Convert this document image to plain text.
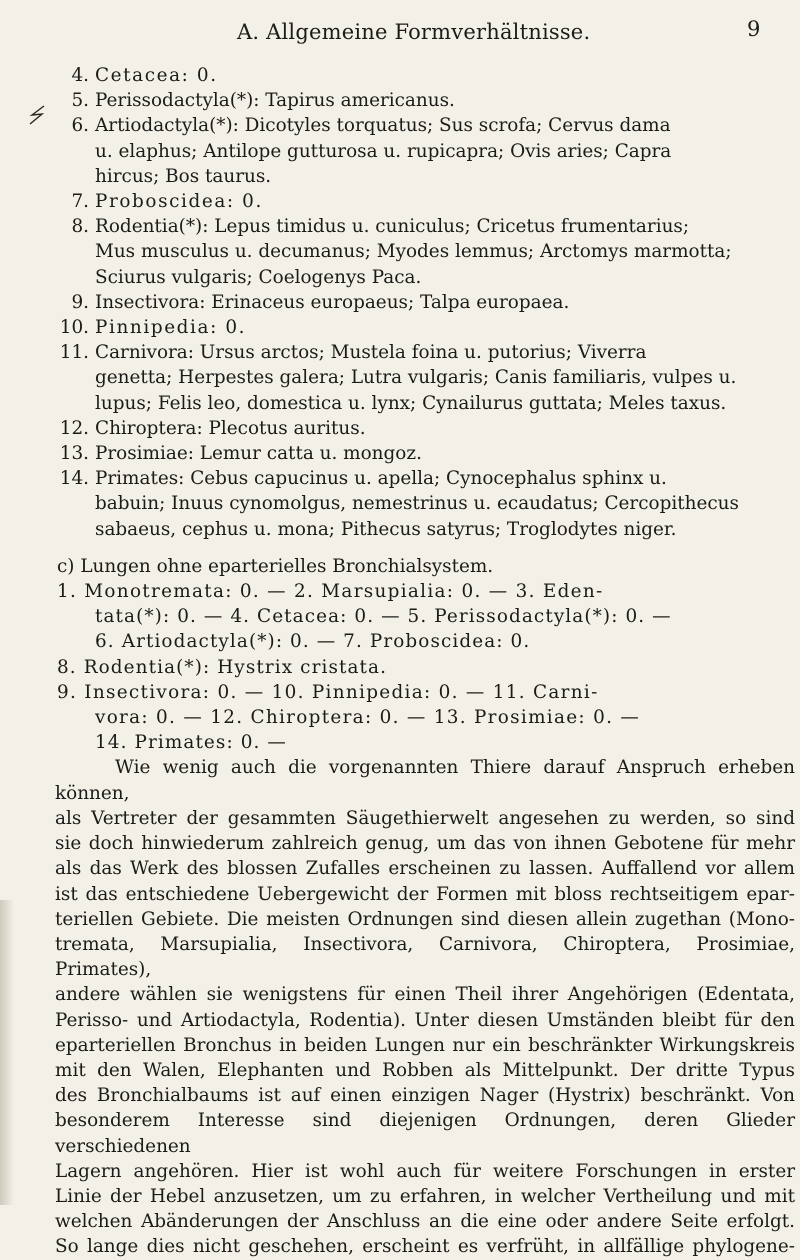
A. Allgemeine Formverhältnisse.	9
4. Cetacea: 0.
5. Perissodactyla(*): Tapirus americanus.
6. Artiodactyla(*): Dicotyles torquatus; Sus scrofa; Cervus dama
u. elaphus; Antilope gutturosa u. rupicapra; Ovis aries; Capra
hircus; Bos taurus.
7. Proboscidea: 0.
8. Rodentia(*): Lepus timidus u. cuniculus; Cricetus frumentarius;
Mus musculus u. decumanus; Myodes lemmus; Arctomys marmotta;
Sciurus vulgaris; Coelogenys Paca.
9. Insectivora: Erinaceus europaeus; Talpa europaea.
10. Pinnipedia: 0.
11. Carnivora: Ursus arctos; Mustela foina u. putorius; Viverra
genetta; Herpestes galera; Lutra vulgaris; Canis familiaris, vulpes u.
lupus; Felis leo, domestica u. lynx; Cynailurus guttata; Meles taxus.
12. Chiroptera: Plecotus auritus.
13. Prosimiae: Lemur catta u. mongoz.
14. Primates: Cebus capucinus u. apella; Cynocephalus sphinx u.
babuin; Inuus cynomolgus, nemestrinus u. ecaudatus; Cercopithecus
sabaeus, cephus u. mona; Pithecus satyrus; Troglodytes niger.
c) Lungen ohne eparterielles Bronchialsystem.
1. Monotremata: 0. — 2. Marsupialia: 0. — 3. Eden-
tata(*): 0. — 4. Cetacea: 0. — 5. Perissodactyla(*): 0. —
6. Artiodactyla(*): 0. — 7. Proboscidea: 0.
8. Rodentia(*): Hystrix cristata.
9. Insectivora: 0. — 10. Pinnipedia: 0. — 11. Carni-
vora: 0. — 12. Chiroptera: 0. — 13. Prosimiae: 0. —
14. Primates: 0. —
Wie wenig auch die vorgenannten Thiere darauf Anspruch erheben können,
als Vertreter der gesammten Säugethierwelt angesehen zu werden, so sind
sie doch hinwiederum zahlreich genug, um das von ihnen Gebotene für mehr
als das Werk des blossen Zufalles erscheinen zu lassen. Auffallend vor allem
ist das entschiedene Uebergewicht der Formen mit bloss rechtseitigem epar-
teriellen Gebiete. Die meisten Ordnungen sind diesen allein zugethan (Mono-
tremata, Marsupialia, Insectivora, Carnivora, Chiroptera, Prosimiae, Primates),
andere wählen sie wenigstens für einen Theil ihrer Angehörigen (Edentata,
Perisso- und Artiodactyla, Rodentia). Unter diesen Umständen bleibt für den
eparteriellen Bronchus in beiden Lungen nur ein beschränkter Wirkungskreis
mit den Walen, Elephanten und Robben als Mittelpunkt. Der dritte Typus
des Bronchialbaums ist auf einen einzigen Nager (Hystrix) beschränkt. Von
besonderem Interesse sind diejenigen Ordnungen, deren Glieder verschiedenen
Lagern angehören. Hier ist wohl auch für weitere Forschungen in erster
Linie der Hebel anzusetzen, um zu erfahren, in welcher Vertheilung und mit
welchen Abänderungen der Anschluss an die eine oder andere Seite erfolgt.
So lange dies nicht geschehen, erscheint es verfrüht, in allfällige phylogene-
